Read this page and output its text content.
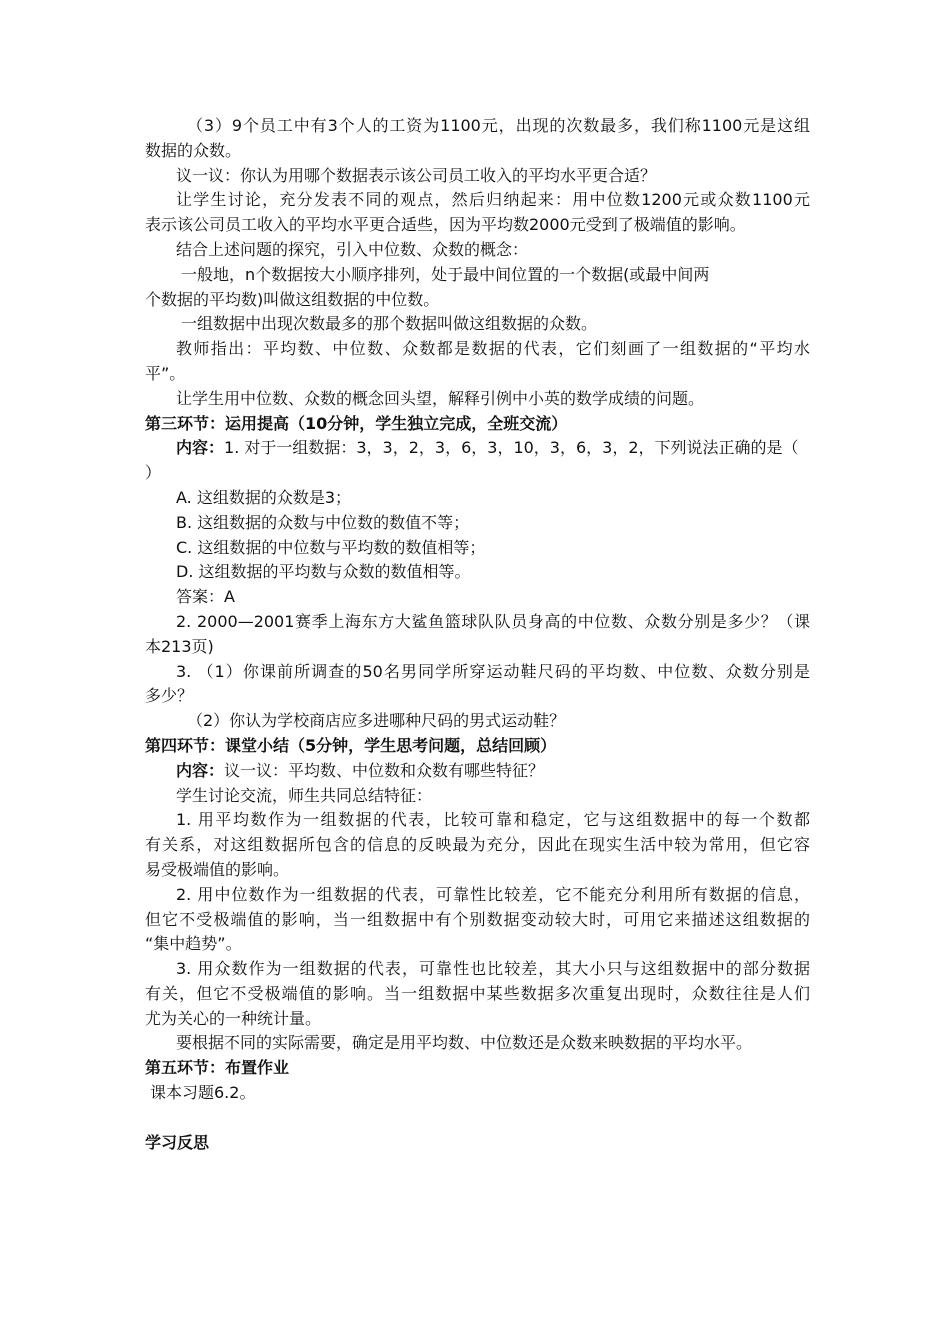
（3）9个员工中有3个人的工资为1100元，出现的次数最多，我们称1100元是这组
数据的众数。
议一议：你认为用哪个数据表示该公司员工收入的平均水平更合适？
让学生讨论，充分发表不同的观点，然后归纳起来：用中位数1200元或众数1100元
表示该公司员工收入的平均水平更合适些，因为平均数2000元受到了极端值的影响。
结合上述问题的探究，引入中位数、众数的概念：
一般地，n个数据按大小顺序排列，处于最中间位置的一个数据(或最中间两
个数据的平均数)叫做这组数据的中位数。
一组数据中出现次数最多的那个数据叫做这组数据的众数。
教师指出：平均数、中位数、众数都是数据的代表，它们刻画了一组数据的“平均水
平”。
让学生用中位数、众数的概念回头望，解释引例中小英的数学成绩的问题。
第三环节：运用提高（10分钟，学生独立完成，全班交流）
内容：1. 对于一组数据：3，3，2，3，6，3，10，3，6，3，2，下列说法正确的是（
）
A. 这组数据的众数是3；
B. 这组数据的众数与中位数的数值不等；
C. 这组数据的中位数与平均数的数值相等；
D. 这组数据的平均数与众数的数值相等。
答案：A
2. 2000—2001赛季上海东方大鲨鱼篮球队队员身高的中位数、众数分别是多少？（课
本213页)
3. （1）你课前所调查的50名男同学所穿运动鞋尺码的平均数、中位数、众数分别是
多少？
（2）你认为学校商店应多进哪种尺码的男式运动鞋？
第四环节：课堂小结（5分钟，学生思考问题，总结回顾）
内容：议一议：平均数、中位数和众数有哪些特征？
学生讨论交流，师生共同总结特征：
1. 用平均数作为一组数据的代表，比较可靠和稳定，它与这组数据中的每一个数都
有关系，对这组数据所包含的信息的反映最为充分，因此在现实生活中较为常用，但它容
易受极端值的影响。
2. 用中位数作为一组数据的代表，可靠性比较差，它不能充分利用所有数据的信息，
但它不受极端值的影响，当一组数据中有个别数据变动较大时，可用它来描述这组数据的
“集中趋势”。
3. 用众数作为一组数据的代表，可靠性也比较差，其大小只与这组数据中的部分数据
有关，但它不受极端值的影响。当一组数据中某些数据多次重复出现时，众数往往是人们
尤为关心的一种统计量。
要根据不同的实际需要，确定是用平均数、中位数还是众数来映数据的平均水平。
第五环节：布置作业
课本习题6.2。
学习反思
